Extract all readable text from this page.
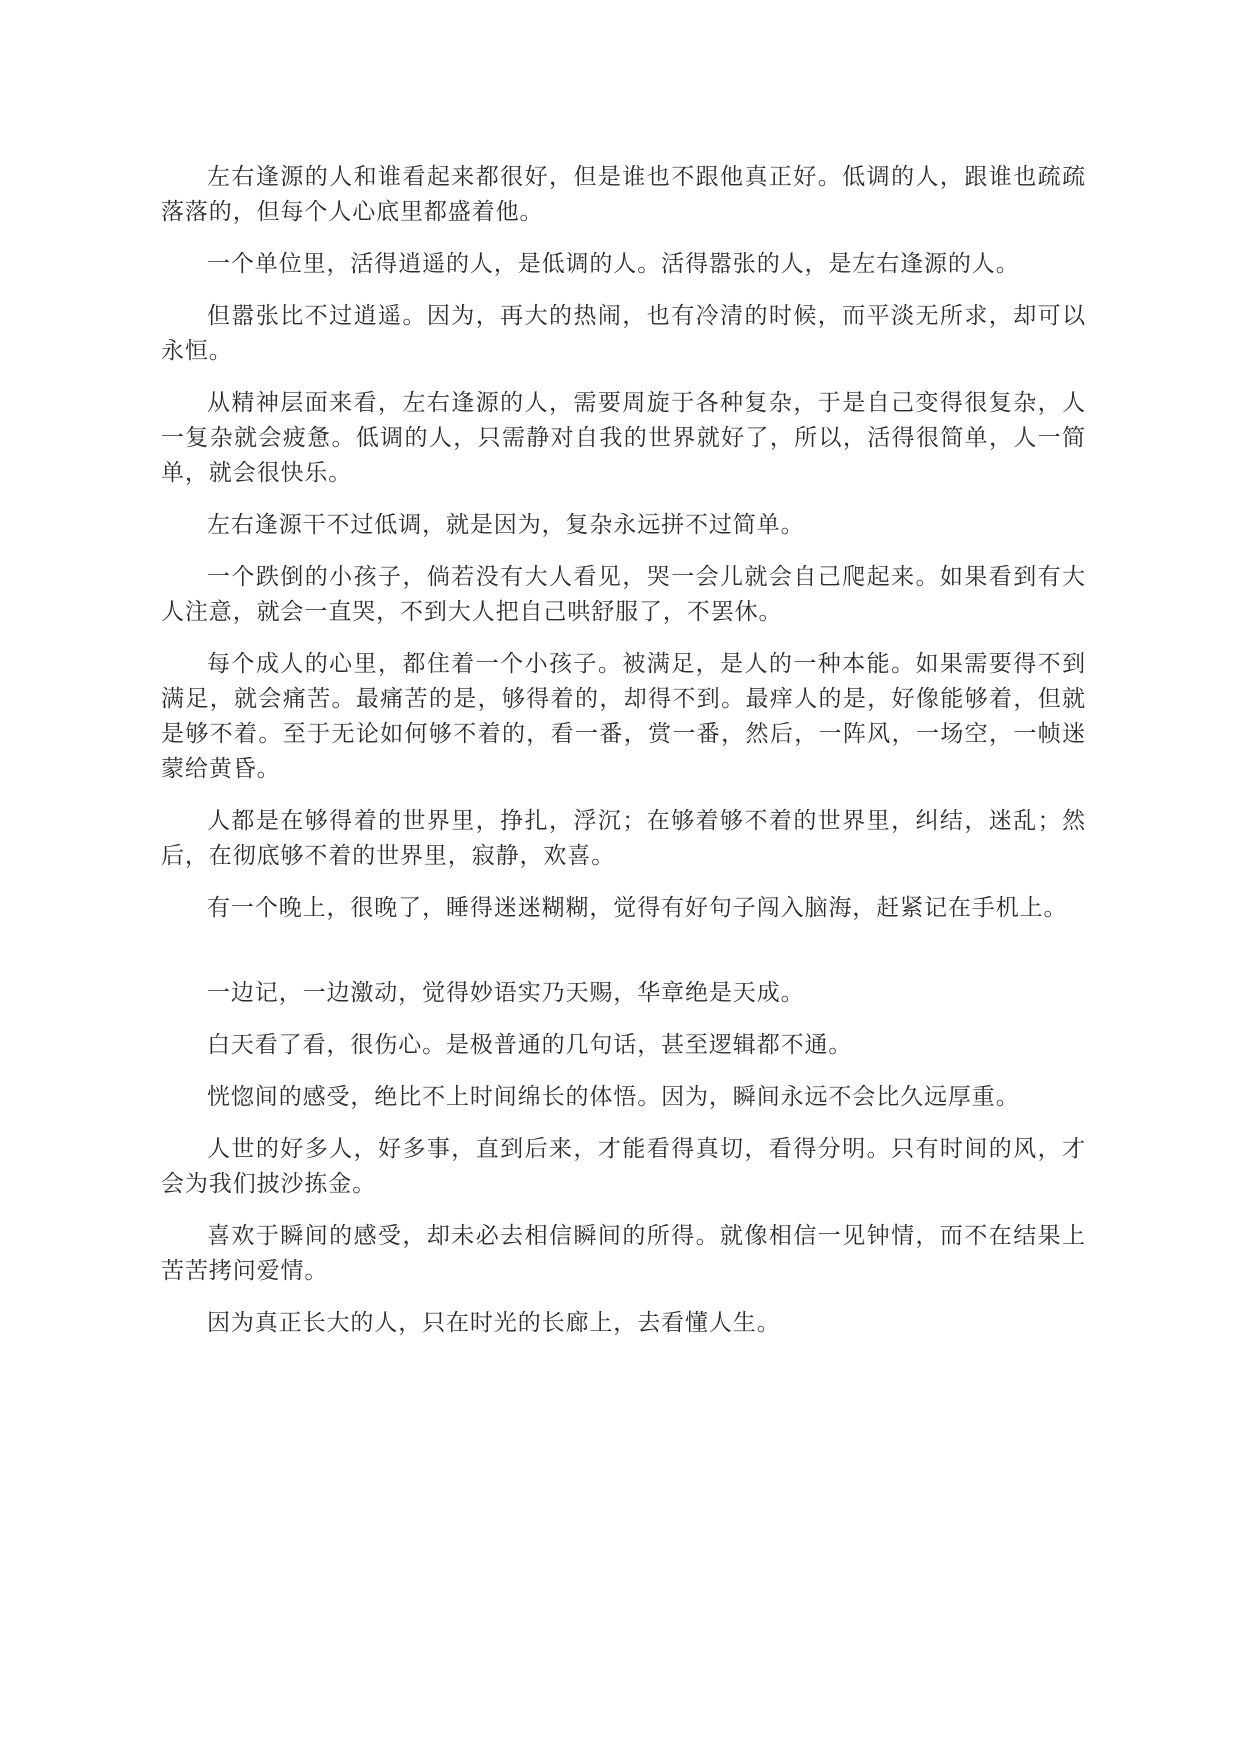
左右逢源的人和谁看起来都很好，但是谁也不跟他真正好。低调的人，跟谁也疏疏落落的，但每个人心底里都盛着他。

一个单位里，活得逍遥的人，是低调的人。活得嚣张的人，是左右逢源的人。

但嚣张比不过逍遥。因为，再大的热闹，也有冷清的时候，而平淡无所求，却可以永恒。

从精神层面来看，左右逢源的人，需要周旋于各种复杂，于是自己变得很复杂，人一复杂就会疲惫。低调的人，只需静对自我的世界就好了，所以，活得很简单，人一简单，就会很快乐。

左右逢源干不过低调，就是因为，复杂永远拼不过简单。

一个跌倒的小孩子，倘若没有大人看见，哭一会儿就会自己爬起来。如果看到有大人注意，就会一直哭，不到大人把自己哄舒服了，不罢休。

每个成人的心里，都住着一个小孩子。被满足，是人的一种本能。如果需要得不到满足，就会痛苦。最痛苦的是，够得着的，却得不到。最痒人的是，好像能够着，但就是够不着。至于无论如何够不着的，看一番，赏一番，然后，一阵风，一场空，一帧迷蒙给黄昏。

人都是在够得着的世界里，挣扎，浮沉；在够着够不着的世界里，纠结，迷乱；然后，在彻底够不着的世界里，寂静，欢喜。

有一个晚上，很晚了，睡得迷迷糊糊，觉得有好句子闯入脑海，赶紧记在手机上。

一边记，一边激动，觉得妙语实乃天赐，华章绝是天成。

白天看了看，很伤心。是极普通的几句话，甚至逻辑都不通。

恍惚间的感受，绝比不上时间绵长的体悟。因为，瞬间永远不会比久远厚重。

人世的好多人，好多事，直到后来，才能看得真切，看得分明。只有时间的风，才会为我们披沙拣金。

喜欢于瞬间的感受，却未必去相信瞬间的所得。就像相信一见钟情，而不在结果上苦苦拷问爱情。

因为真正长大的人，只在时光的长廊上，去看懂人生。
